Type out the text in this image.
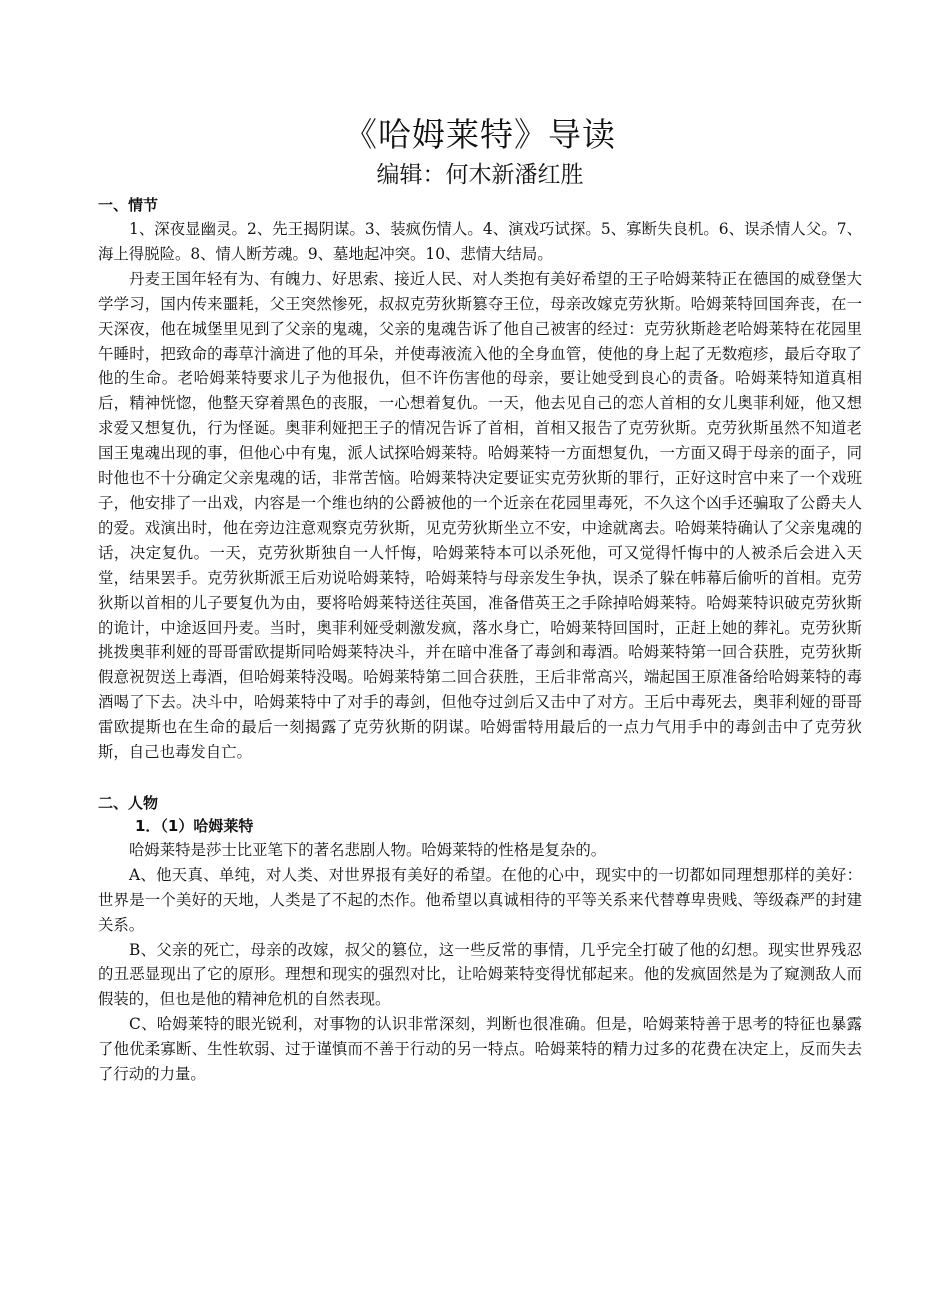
《哈姆莱特》导读
编辑：何木新潘红胜
一、情节

1、深夜显幽灵。2、先王揭阴谋。3、装疯伤情人。4、演戏巧试探。5、寡断失良机。6、误杀情人父。7、海上得脱险。8、情人断芳魂。9、墓地起冲突。10、悲情大结局。

丹麦王国年轻有为、有魄力、好思索、接近人民、对人类抱有美好希望的王子哈姆莱特正在德国的威登堡大学学习，国内传来噩耗，父王突然惨死，叔叔克劳狄斯篡夺王位，母亲改嫁克劳狄斯。哈姆莱特回国奔丧，在一天深夜，他在城堡里见到了父亲的鬼魂，父亲的鬼魂告诉了他自己被害的经过：克劳狄斯趁老哈姆莱特在花园里午睡时，把致命的毒草汁滴进了他的耳朵，并使毒液流入他的全身血管，使他的身上起了无数疱疹，最后夺取了他的生命。老哈姆莱特要求儿子为他报仇，但不许伤害他的母亲，要让她受到良心的责备。哈姆莱特知道真相后，精神恍惚，他整天穿着黑色的丧服，一心想着复仇。一天，他去见自己的恋人首相的女儿奥菲利娅，他又想求爱又想复仇，行为怪诞。奥菲利娅把王子的情况告诉了首相，首相又报告了克劳狄斯。克劳狄斯虽然不知道老国王鬼魂出现的事，但他心中有鬼，派人试探哈姆莱特。哈姆莱特一方面想复仇，一方面又碍于母亲的面子，同时他也不十分确定父亲鬼魂的话，非常苦恼。哈姆莱特决定要证实克劳狄斯的罪行，正好这时宫中来了一个戏班子，他安排了一出戏，内容是一个维也纳的公爵被他的一个近亲在花园里毒死，不久这个凶手还骗取了公爵夫人的爱。戏演出时，他在旁边注意观察克劳狄斯，见克劳狄斯坐立不安，中途就离去。哈姆莱特确认了父亲鬼魂的话，决定复仇。一天，克劳狄斯独自一人忏悔，哈姆莱特本可以杀死他，可又觉得忏悔中的人被杀后会进入天堂，结果罢手。克劳狄斯派王后劝说哈姆莱特，哈姆莱特与母亲发生争执，误杀了躲在帏幕后偷听的首相。克劳狄斯以首相的儿子要复仇为由，要将哈姆莱特送往英国，准备借英王之手除掉哈姆莱特。哈姆莱特识破克劳狄斯的诡计，中途返回丹麦。当时，奥菲利娅受刺激发疯，落水身亡，哈姆莱特回国时，正赶上她的葬礼。克劳狄斯挑拨奥菲利娅的哥哥雷欧提斯同哈姆莱特决斗，并在暗中准备了毒剑和毒酒。哈姆莱特第一回合获胜，克劳狄斯假意祝贺送上毒酒，但哈姆莱特没喝。哈姆莱特第二回合获胜，王后非常高兴，端起国王原准备给哈姆莱特的毒酒喝了下去。决斗中，哈姆莱特中了对手的毒剑，但他夺过剑后又击中了对方。王后中毒死去，奥菲利娅的哥哥雷欧提斯也在生命的最后一刻揭露了克劳狄斯的阴谋。哈姆雷特用最后的一点力气用手中的毒剑击中了克劳狄斯，自己也毒发自亡。

二、人物
1．（1）哈姆莱特

哈姆莱特是莎士比亚笔下的著名悲剧人物。哈姆莱特的性格是复杂的。

A、他天真、单纯，对人类、对世界报有美好的希望。在他的心中，现实中的一切都如同理想那样的美好：世界是一个美好的天地，人类是了不起的杰作。他希望以真诚相待的平等关系来代替尊卑贵贱、等级森严的封建关系。

B、父亲的死亡，母亲的改嫁，叔父的篡位，这一些反常的事情，几乎完全打破了他的幻想。现实世界残忍的丑恶显现出了它的原形。理想和现实的强烈对比，让哈姆莱特变得忧郁起来。他的发疯固然是为了窥测敌人而假装的，但也是他的精神危机的自然表现。

C、哈姆莱特的眼光锐利，对事物的认识非常深刻，判断也很准确。但是，哈姆莱特善于思考的特征也暴露了他优柔寡断、生性软弱、过于谨慎而不善于行动的另一特点。哈姆莱特的精力过多的花费在决定上，反而失去了行动的力量。
